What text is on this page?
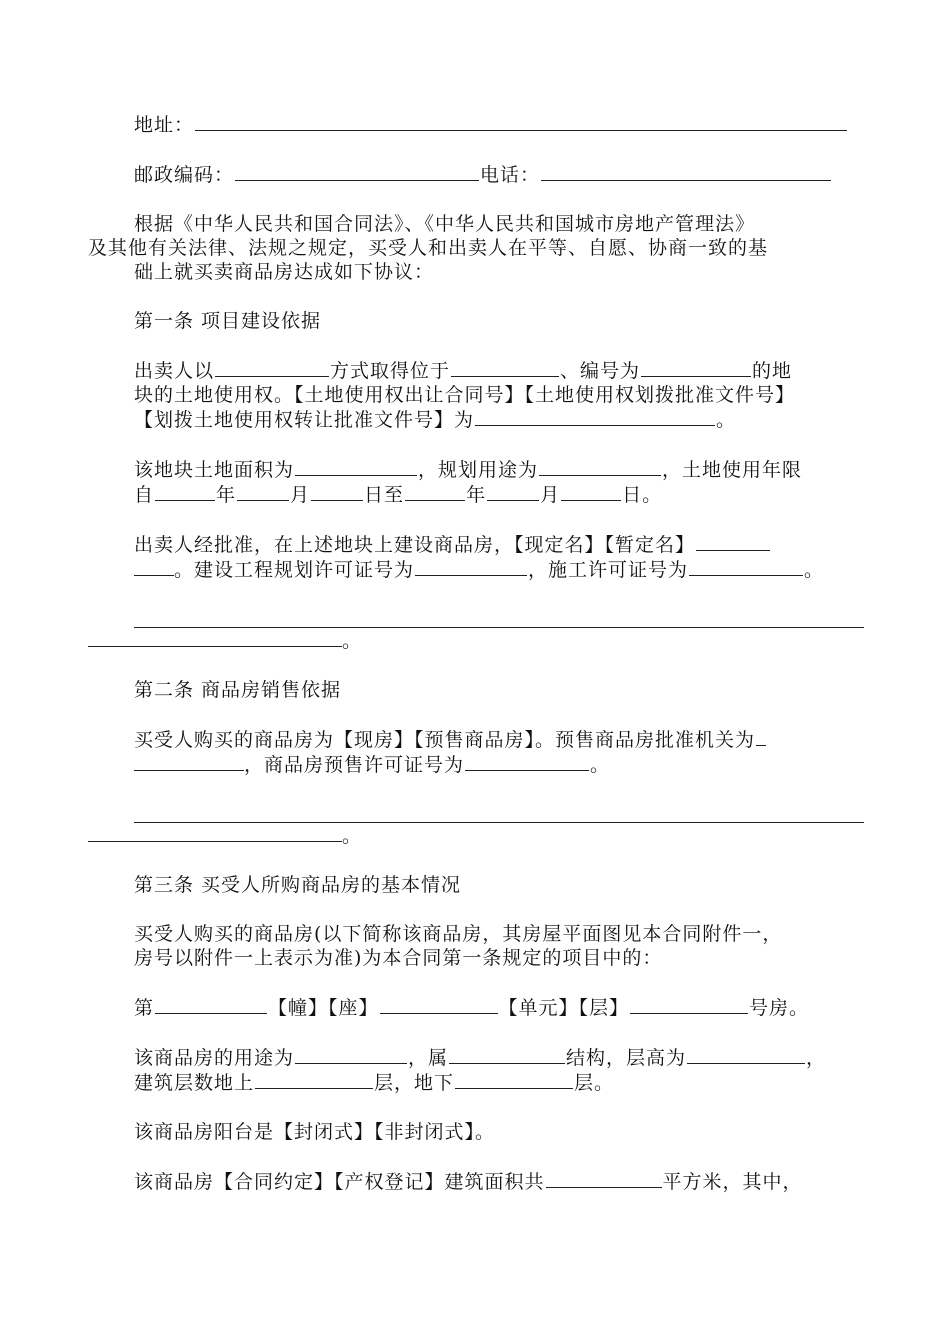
地址：

邮政编码：	电话：

根据《中华人民共和国合同法》、《中华人民共和国城市房地产管理法》
及其他有关法律、法规之规定，买受人和出卖人在平等、自愿、协商一致的基
础上就买卖商品房达成如下协议：

第一条 项目建设依据

出卖人以	方式取得位于	、编号为	的地
块的土地使用权。【土地使用权出让合同号】【土地使用权划拨批准文件号】
【划拨土地使用权转让批准文件号】为	。

该地块土地面积为	，规划用途为	，土地使用年限
自	年	月	日至	年	月	日。

出卖人经批准，在上述地块上建设商品房，【现定名】【暂定名】
。建设工程规划许可证号为	，施工许可证号为	。

。

第二条 商品房销售依据

买受人购买的商品房为【现房】【预售商品房】。预售商品房批准机关为
，商品房预售许可证号为	。

。

第三条 买受人所购商品房的基本情况

买受人购买的商品房(以下简称该商品房，其房屋平面图见本合同附件一，
房号以附件一上表示为准)为本合同第一条规定的项目中的：

第	【幢】【座】	【单元】【层】	号房。

该商品房的用途为	，属	结构，层高为	，
建筑层数地上	层，地下	层。

该商品房阳台是【封闭式】【非封闭式】。

该商品房【合同约定】【产权登记】建筑面积共	平方米，其中，
